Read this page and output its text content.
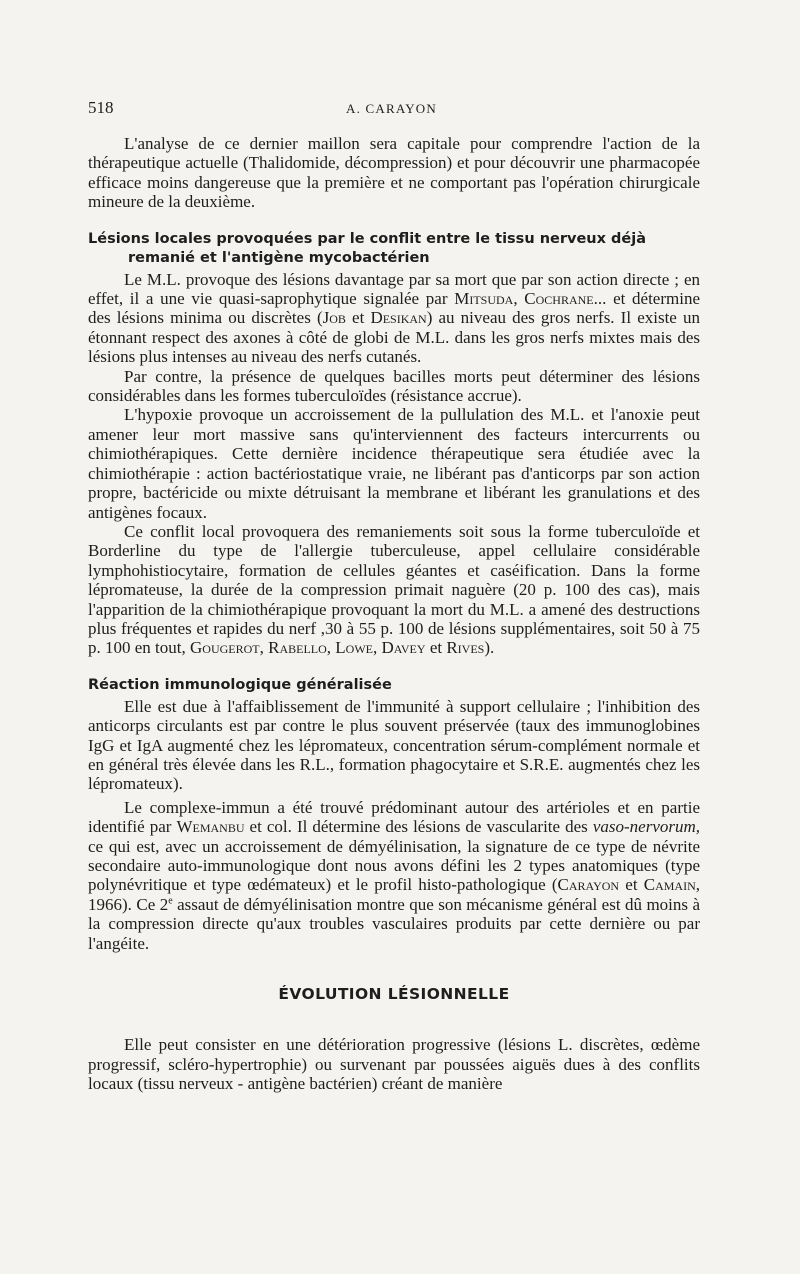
518	A. CARAYON

L'analyse de ce dernier maillon sera capitale pour comprendre l'action de la thérapeutique actuelle (Thalidomide, décompression) et pour découvrir une pharmacopée efficace moins dangereuse que la première et ne comportant pas l'opération chirurgicale mineure de la deuxième.

Lésions locales provoquées par le conflit entre le tissu nerveux déjà
remanié et l'antigène mycobactérien

Le M.L. provoque des lésions davantage par sa mort que par son action directe ; en effet, il a une vie quasi-saprophytique signalée par Mitsuda, Cochrane... et détermine des lésions minima ou discrètes (Job et Desikan) au niveau des gros nerfs. Il existe un étonnant respect des axones à côté de globi de M.L. dans les gros nerfs mixtes mais des lésions plus intenses au niveau des nerfs cutanés.

Par contre, la présence de quelques bacilles morts peut déterminer des lésions considérables dans les formes tuberculoïdes (résistance accrue).

L'hypoxie provoque un accroissement de la pullulation des M.L. et l'anoxie peut amener leur mort massive sans qu'interviennent des facteurs intercurrents ou chimiothérapiques. Cette dernière incidence thérapeutique sera étudiée avec la chimiothérapie : action bactériostatique vraie, ne libérant pas d'anticorps par son action propre, bactéricide ou mixte détruisant la membrane et libérant les granulations et des antigènes focaux.

Ce conflit local provoquera des remaniements soit sous la forme tuberculoïde et Borderline du type de l'allergie tuberculeuse, appel cellulaire considérable lymphohistiocytaire, formation de cellules géantes et caséification. Dans la forme lépromateuse, la durée de la compression primait naguère (20 p. 100 des cas), mais l'apparition de la chimiothérapique provoquant la mort du M.L. a amené des destructions plus fréquentes et rapides du nerf ,30 à 55 p. 100 de lésions supplémentaires, soit 50 à 75 p. 100 en tout, Gougerot, Rabello, Lowe, Davey et Rives).

Réaction immunologique généralisée

Elle est due à l'affaiblissement de l'immunité à support cellulaire ; l'inhibition des anticorps circulants est par contre le plus souvent préservée (taux des immunoglobines IgG et IgA augmenté chez les lépromateux, concentration sérum-complément normale et en général très élevée dans les R.L., formation phagocytaire et S.R.E. augmentés chez les lépromateux).

Le complexe-immun a été trouvé prédominant autour des artérioles et en partie identifié par Wemanbu et col. Il détermine des lésions de vascularite des vaso-nervorum, ce qui est, avec un accroissement de démyélinisation, la signature de ce type de névrite secondaire auto-immunologique dont nous avons défini les 2 types anatomiques (type polynévritique et type œdémateux) et le profil histo-pathologique (Carayon et Camain, 1966). Ce 2e assaut de démyélinisation montre que son mécanisme général est dû moins à la compression directe qu'aux troubles vasculaires produits par cette dernière ou par l'angéite.

ÉVOLUTION LÉSIONNELLE

Elle peut consister en une détérioration progressive (lésions L. discrètes, œdème progressif, scléro-hypertrophie) ou survenant par poussées aiguës dues à des conflits locaux (tissu nerveux - antigène bactérien) créant de manière
